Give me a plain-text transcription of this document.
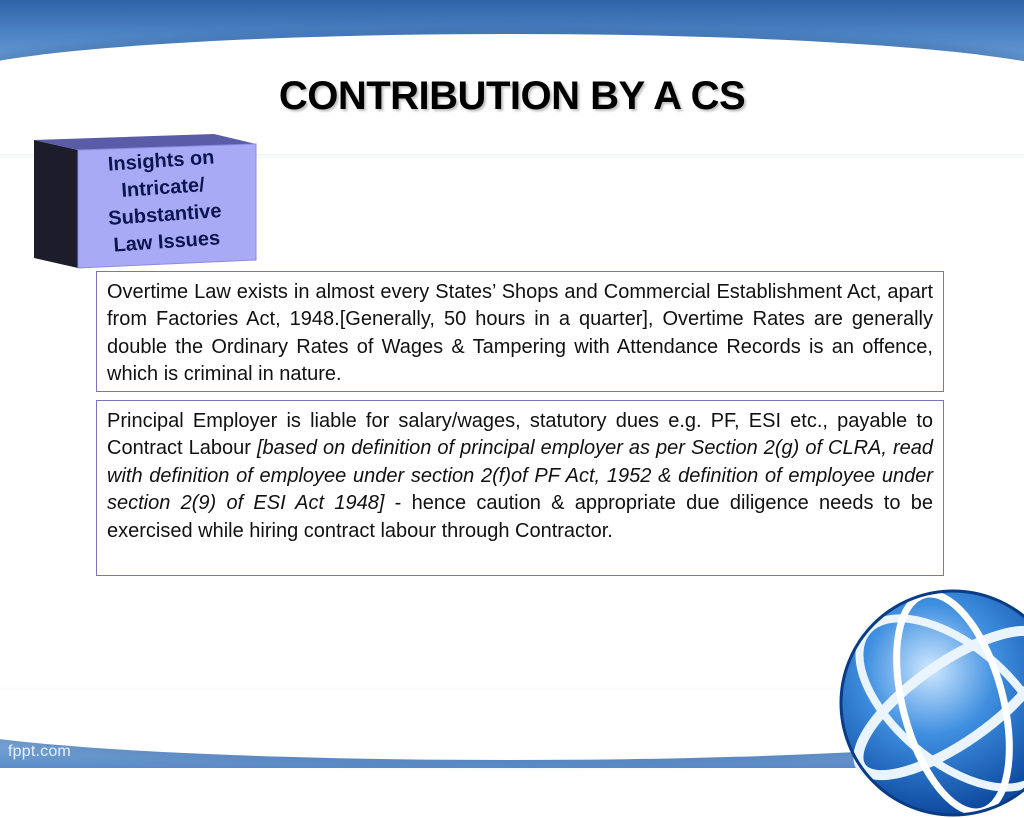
fppt.com
CONTRIBUTION BY A CS
Insights on
Intricate/
Substantive
Law Issues
Overtime Law exists in almost every States’ Shops and Commercial Establishment Act, apart from Factories Act, 1948.[Generally, 50 hours in a quarter], Overtime Rates are generally double the Ordinary Rates of Wages & Tampering with Attendance Records is an offence, which is criminal in nature.
Principal Employer is liable for salary/wages, statutory dues e.g. PF, ESI etc., payable to Contract Labour [based on definition of principal employer as per Section 2(g) of CLRA, read with definition of employee under section 2(f)of PF Act, 1952 & definition of employee under section 2(9) of ESI Act 1948] - hence caution & appropriate due diligence needs to be exercised while hiring contract labour through Contractor.
